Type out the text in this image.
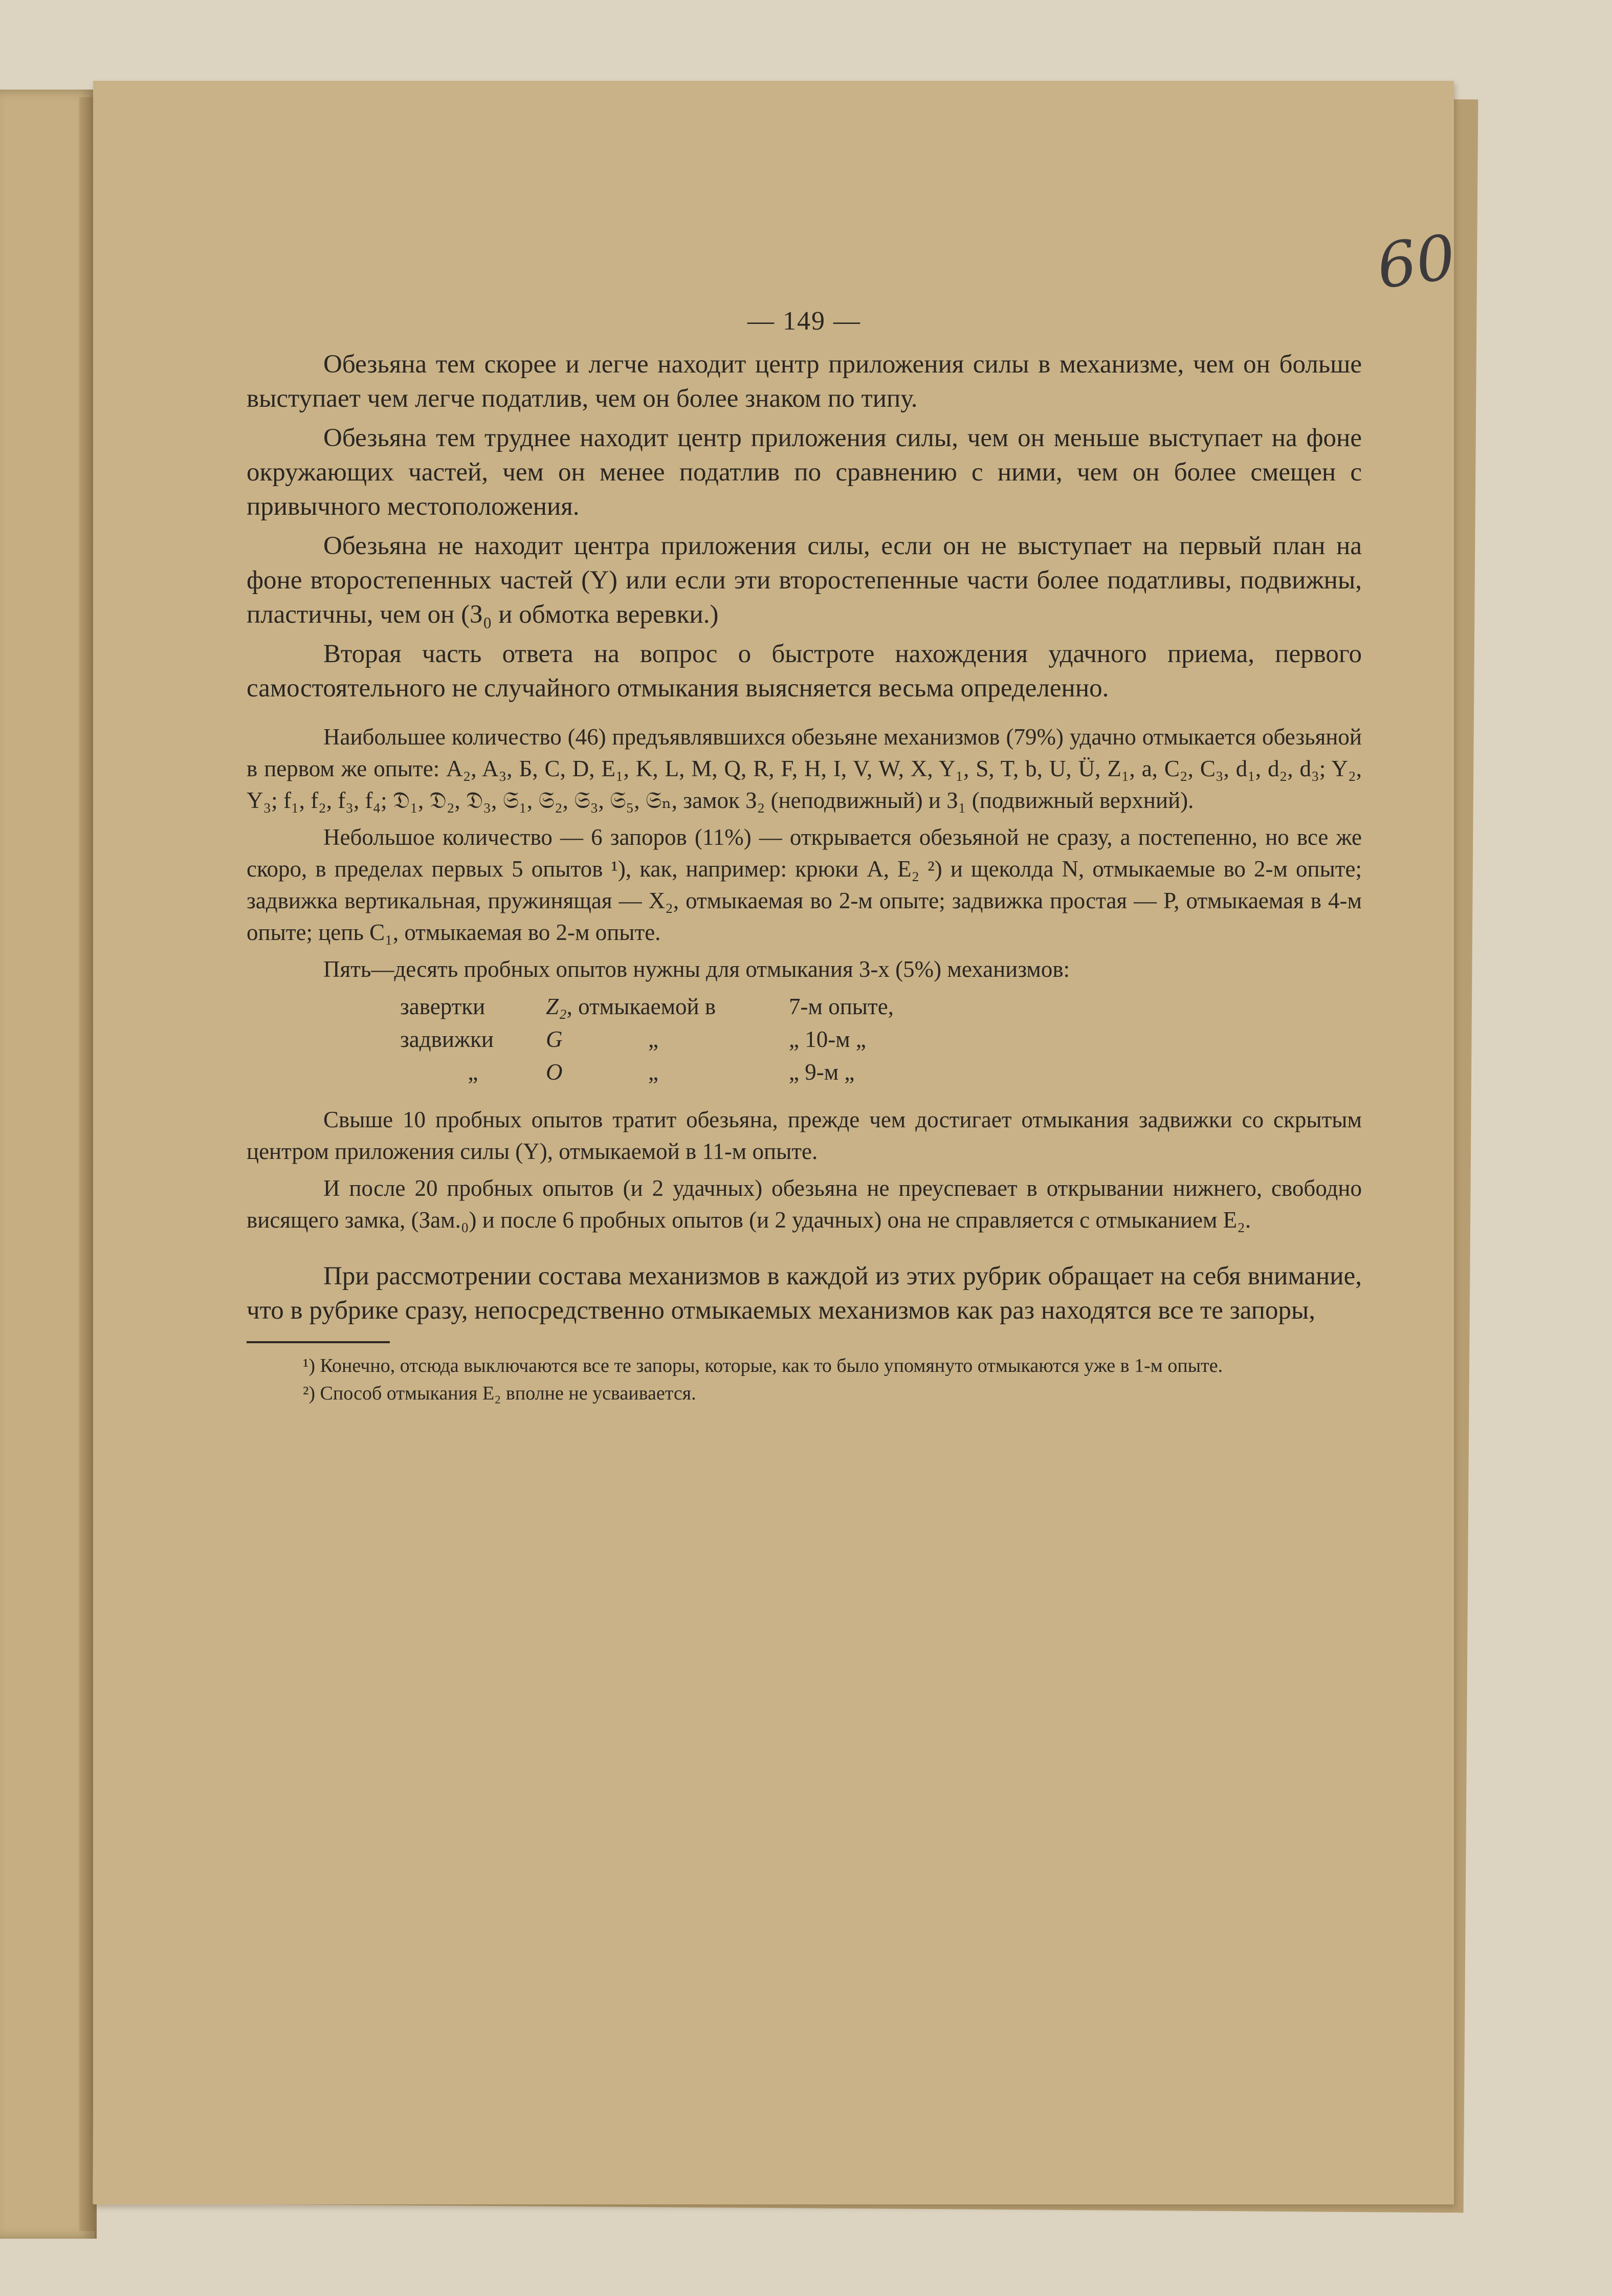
60
— 149 —

Обезьяна тем скорее и легче находит центр приложения силы в механизме, чем он больше выступает чем легче податлив, чем он более знаком по типу.

Обезьяна тем труднее находит центр приложения силы, чем он меньше выступает на фоне окружающих частей, чем он менее податлив по сравнению с ними, чем он более смещен с привычного местоположения.

Обезьяна не находит центра приложения силы, если он не выступает на первый план на фоне второстепенных частей (Y) или если эти второстепенные части более податливы, подвижны, пластичны, чем он (З₀ и обмотка веревки.)

Вторая часть ответа на вопрос о быстроте нахождения удачного приема, первого самостоятельного не случайного отмыкания выясняется весьма определенно.

Наибольшее количество (46) предъявлявшихся обезьяне механизмов (79%) удачно отмыкается обезьяной в первом же опыте: A₂, A₃, Б, C, D, E₁, K, L, M, Q, R, F, H, I, V, W, X, Y₁, S, T, b, U, Ü, Z₁, a, C₂, C₃, d₁, d₂, d₃; Y₂, Y₃; f₁, f₂, f₃, f₄; 𝔇₁, 𝔇₂, 𝔇₃, 𝔖₁, 𝔖₂, 𝔖₃, 𝔖₅, 𝔖ₙ, замок З₂ (неподвижный) и З₁ (подвижный верхний).

Небольшое количество — 6 запоров (11%) — открывается обезьяной не сразу, а постепенно, но все же скоро, в пределах первых 5 опытов ¹), как, например: крюки A, E₂ ²) и щеколда N, отмыкаемые во 2-м опыте; задвижка вертикальная, пружинящая — X₂, отмыкаемая во 2-м опыте; задвижка простая — P, отмыкаемая в 4-м опыте; цепь C₁, отмыкаемая во 2-м опыте.

Пять—десять пробных опытов нужны для отмыкания 3-х (5%) механизмов:

завертки	Z₂, отмыкаемой в	7-м опыте,
задвижки	G	„	„ 10-м „
„	O	„	„ 9-м „

Свыше 10 пробных опытов тратит обезьяна, прежде чем достигает отмыкания задвижки со скрытым центром приложения силы (Y), отмыкаемой в 11-м опыте.

И после 20 пробных опытов (и 2 удачных) обезьяна не преуспевает в открывании нижнего, свободно висящего замка, (Зам.₀) и после 6 пробных опытов (и 2 удачных) она не справляется с отмыканием E₂.

При рассмотрении состава механизмов в каждой из этих рубрик обращает на себя внимание, что в рубрике сразу, непосредственно отмыкаемых механизмов как раз находятся все те запоры,

¹) Конечно, отсюда выключаются все те запоры, которые, как то было упомянуто отмыкаются уже в 1-м опыте.

²) Способ отмыкания E₂ вполне не усваивается.
